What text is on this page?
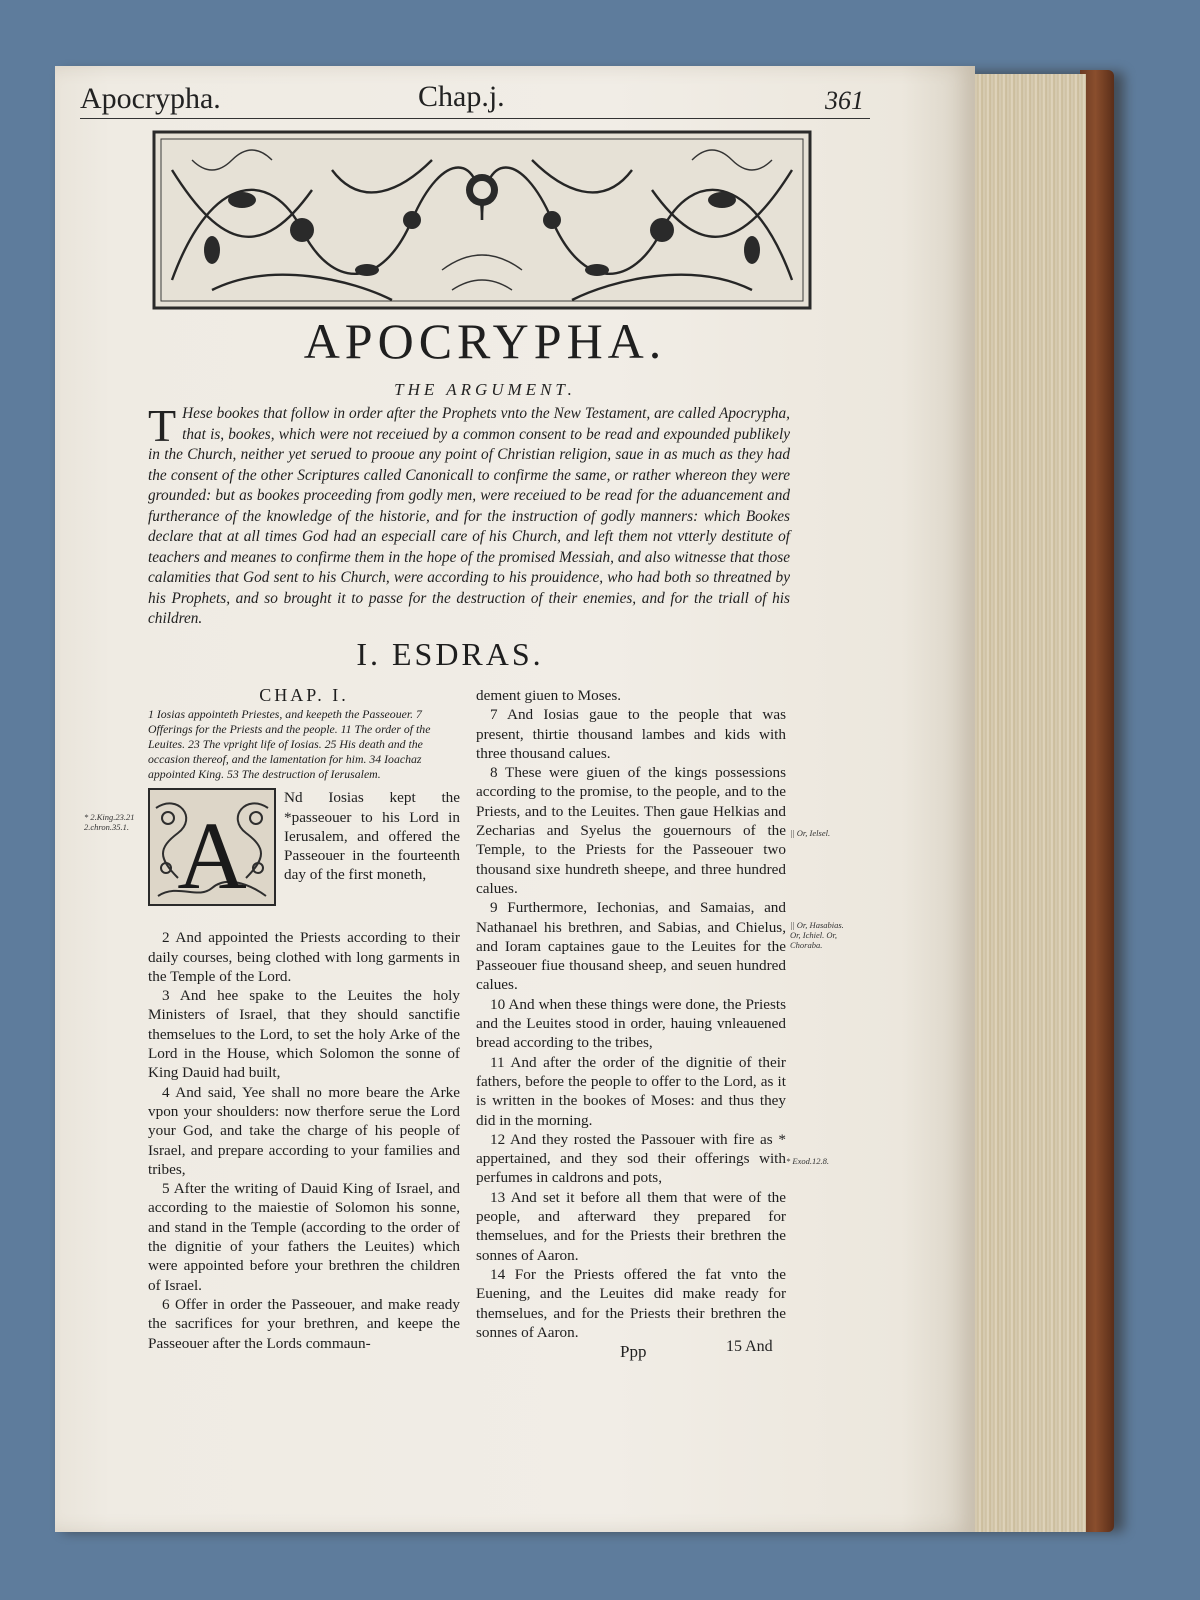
Apocrypha.	Chap.j.	361
APOCRYPHA.
THE ARGUMENT.
T Hese bookes that follow in order after the Prophets vnto the New Testament, are called Apocrypha, that is, bookes, which were not receiued by a common consent to be read and expounded publikely in the Church, neither yet serued to prooue any point of Christian religion, saue in as much as they had the consent of the other Scriptures called Canonicall to confirme the same, or rather whereon they were grounded: but as bookes proceeding from godly men, were receiued to be read for the aduancement and furtherance of the knowledge of the historie, and for the instruction of godly manners: which Bookes declare that at all times God had an especiall care of his Church, and left them not vtterly destitute of teachers and meanes to confirme them in the hope of the promised Messiah, and also witnesse that those calamities that God sent to his Church, were according to his prouidence, who had both so threatned by his Prophets, and so brought it to passe for the destruction of their enemies, and for the triall of his children.
I. ESDRAS.
CHAP. I.
1 Iosias appointeth Priestes, and keepeth the Passeouer. 7 Offerings for the Priests and the people. 11 The order of the Leuites. 23 The vpright life of Iosias. 25 His death and the occasion thereof, and the lamentation for him. 34 Ioachaz appointed King. 53 The destruction of Ierusalem.
A
Nd Iosias kept the *passeouer to his Lord in Ierusalem, and offered the Passeouer in the fourteenth day of the first moneth,

2 And appointed the Priests according to their daily courses, being clothed with long garments in the Temple of the Lord.

3 And hee spake to the Leuites the holy Ministers of Israel, that they should sanctifie themselues to the Lord, to set the holy Arke of the Lord in the House, which Solomon the sonne of King Dauid had built,

4 And said, Yee shall no more beare the Arke vpon your shoulders: now therfore serue the Lord your God, and take the charge of his people of Israel, and prepare according to your families and tribes,

5 After the writing of Dauid King of Israel, and according to the maiestie of Solomon his sonne, and stand in the Temple (according to the order of the dignitie of your fathers the Leuites) which were appointed before your brethren the children of Israel.

6 Offer in order the Passeouer, and make ready the sacrifices for your brethren, and keepe the Passeouer after the Lords commaun-

dement giuen to Moses.

7 And Iosias gaue to the people that was present, thirtie thousand lambes and kids with three thousand calues.

8 These were giuen of the kings possessions according to the promise, to the people, and to the Priests, and to the Leuites. Then gaue Helkias and Zecharias and Syelus the gouernours of the Temple, to the Priests for the Passeouer two thousand sixe hundreth sheepe, and three hundred calues.

9 Furthermore, Iechonias, and Samaias, and Nathanael his brethren, and Sabias, and Chielus, and Ioram captaines gaue to the Leuites for the Passeouer fiue thousand sheep, and seuen hundred calues.

10 And when these things were done, the Priests and the Leuites stood in order, hauing vnleauened bread according to the tribes,

11 And after the order of the dignitie of their fathers, before the people to offer to the Lord, as it is written in the bookes of Moses: and thus they did in the morning.

12 And they rosted the Passouer with fire as * appertained, and they sod their offerings with perfumes in caldrons and pots,

13 And set it before all them that were of the people, and afterward they prepared for themselues, and for the Priests their brethren the sonnes of Aaron.

14 For the Priests offered the fat vnto the Euening, and the Leuites did make ready for themselues, and for the Priests their brethren the sonnes of Aaron.

* 2.King.23.21 2.chron.35.1.
|| Or, Ielsel.
|| Or, Hasabias. Or, Ichiel. Or, Choraba.
* Exod.12.8.
Ppp	15 And
